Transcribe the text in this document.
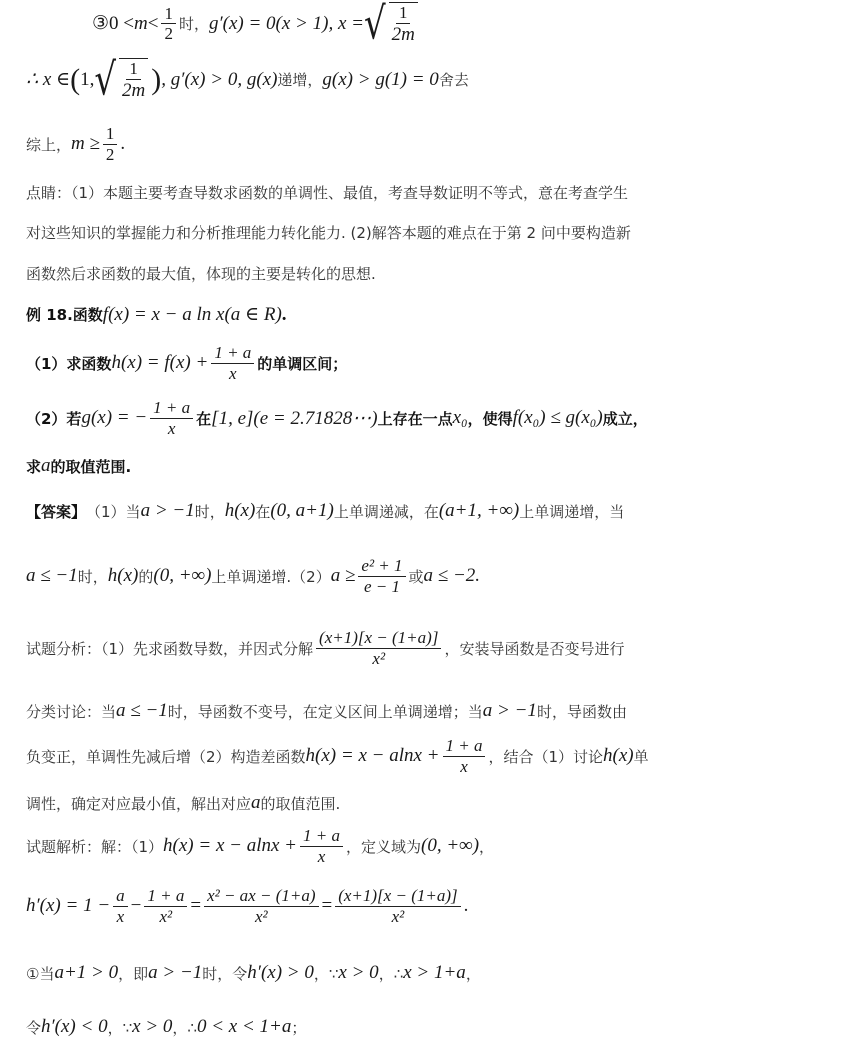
③0 < $m < \frac{1}{2}$ 时， g′(x) = 0(x > 1), x = √ $\frac{1}{2m}$
∴ x ∈ ( 1, √ $\frac{1}{2m}$ ) , g′(x) > 0, g(x) 递增， g(x) > g(1) = 0 舍去
综上， $m \ge \frac{1}{2}$ .
点睛：（1）本题主要考查导数求函数的单调性、最值，考查导数证明不等式，意在考查学生
对这些知识的掌握能力和分析推理能力转化能力. (2)解答本题的难点在于第 2 问中要构造新
函数然后求函数的最大值，体现的主要是转化的思想.
例 18.函数 f(x) = x − a ln x(a ∈ R) .
（1）求函数 $h(x) = f(x) + \frac{1 + a}{x}$ 的单调区间；
（2）若 g(x) = − $\frac{1 + a}{x}$ 在 [1, e](e = 2.71828⋯) 上存在一点 x₀ ，使得 f(x₀) ≤ g(x₀) 成立，
求 a 的取值范围.
【答案】 （1）当 a > −1 时， h(x) 在 (0, a+1) 上单调递减，在 (a+1, +∞) 上单调递增，当
a ≤ −1 时， h(x) 的 (0, +∞) 上单调递增.（2） $a \ge \frac{\text{e² + 1}}{e - 1}$ 或 a ≤ −2.
试题分析：（1）先求函数导数，并因式分解 $\frac{(x+1)[x - (1+a)]}{\text{x²}}$ ，安装导函数是否变号进行
分类讨论：当 a ≤ −1 时，导函数不变号，在定义区间上单调递增；当 a > −1 时，导函数由
负变正，单调性先减后增（2）构造差函数 $h(x) = x - alnx + \frac{1 + a}{x}$ ，结合（1）讨论 h(x) 单
调性，确定对应最小值，解出对应 a 的取值范围.
试题解析：解：（1） $h(x) = x - alnx + \frac{1 + a}{x}$ ，定义域为 (0, +∞) ，
$h'(x) = 1 - \frac{a}{x} - \frac{1 + a}{\text{x²}} = \frac{\text{x² − ax − (1+a)}}{\text{x²}} = \frac{(x+1)[x - (1+a)]}{\text{x²}}$ .
①当 a+1 > 0 ，即 a > −1 时，令 h′(x) > 0 ，∵ x > 0 ，∴ x > 1+a ，
令 h′(x) < 0 ，∵ x > 0 ，∴ 0 < x < 1+a ；
